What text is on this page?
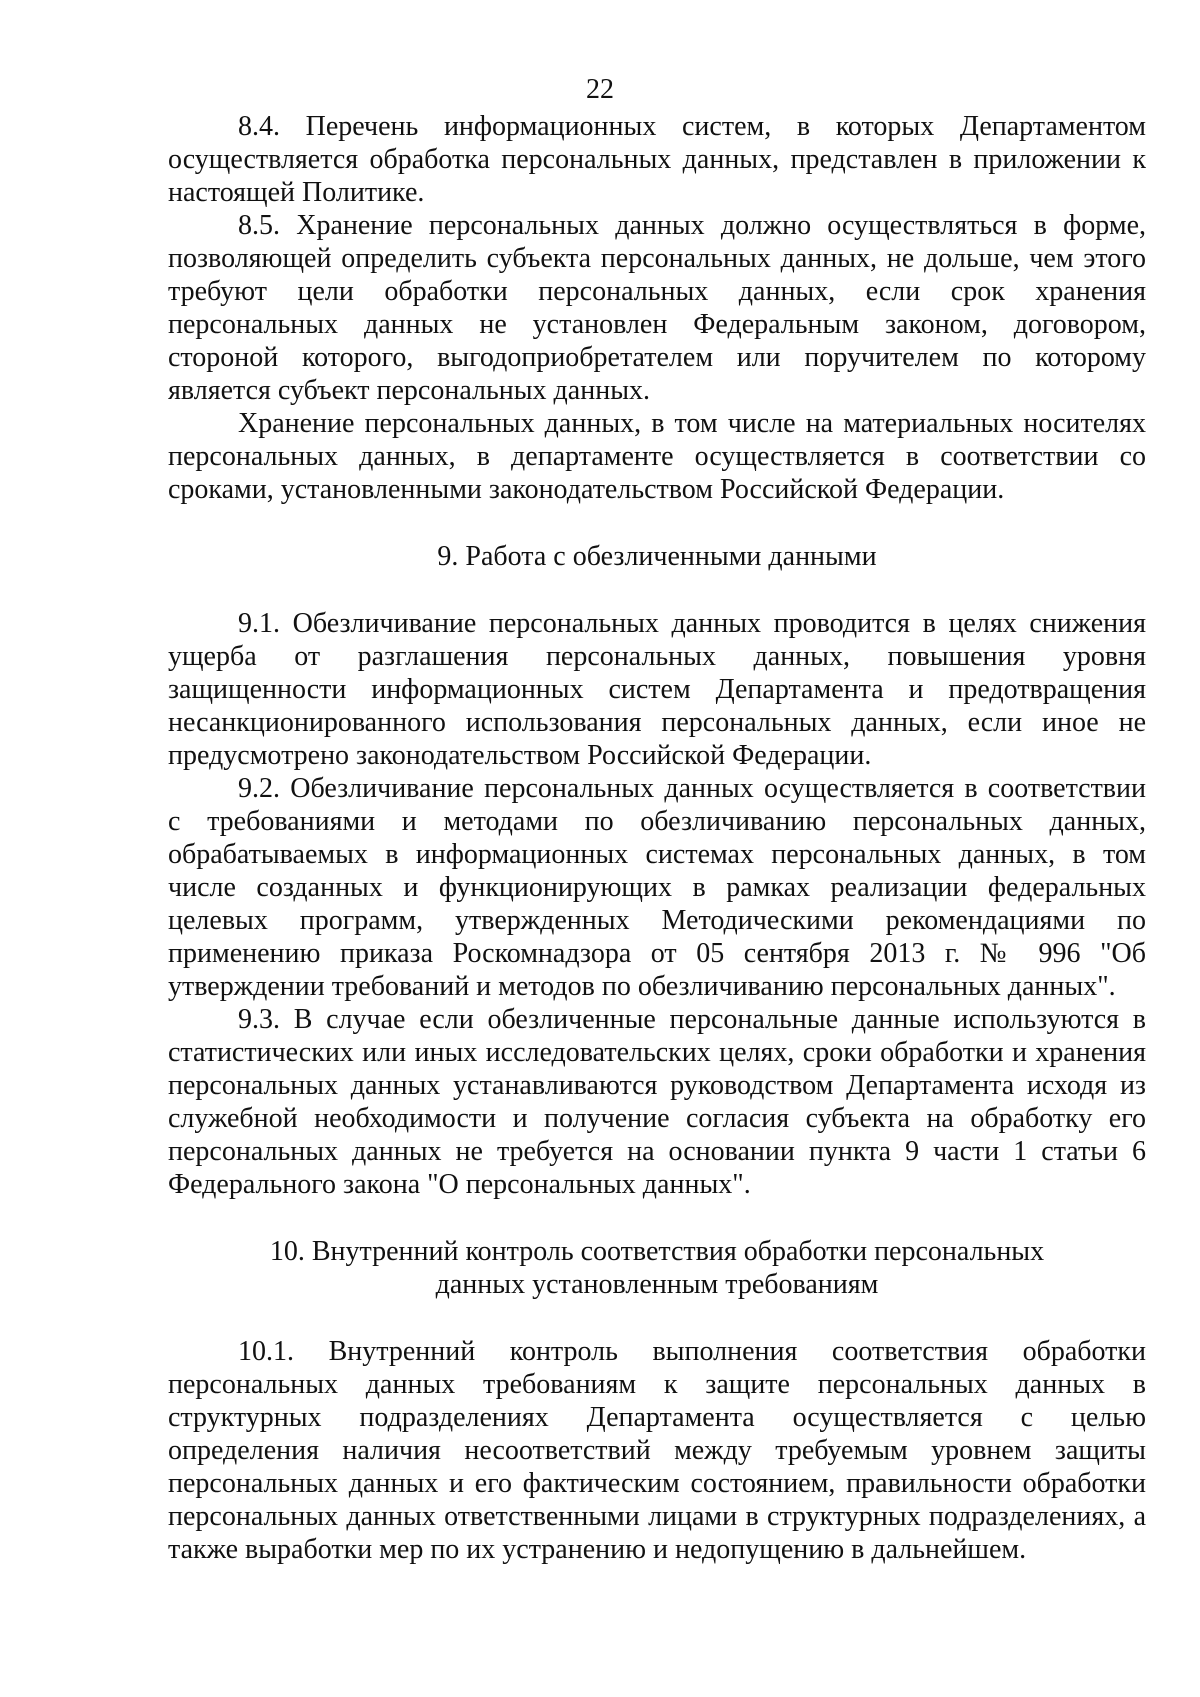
22

8.4. Перечень информационных систем, в которых Департаментом осуществляется обработка персональных данных, представлен в приложении к настоящей Политике.

8.5. Хранение персональных данных должно осуществляться в форме, позволяющей определить субъекта персональных данных, не дольше, чем этого требуют цели обработки персональных данных, если срок хранения персональных данных не установлен Федеральным законом, договором, стороной которого, выгодоприобретателем или поручителем по которому является субъект персональных данных.

Хранение персональных данных, в том числе на материальных носителях персональных данных, в департаменте осуществляется в соответствии со сроками, установленными законодательством Российской Федерации.

9. Работа с обезличенными данными

9.1. Обезличивание персональных данных проводится в целях снижения ущерба от разглашения персональных данных, повышения уровня защищенности информационных систем Департамента и предотвращения несанкционированного использования персональных данных, если иное не предусмотрено законодательством Российской Федерации.

9.2. Обезличивание персональных данных осуществляется в соответствии с требованиями и методами по обезличиванию персональных данных, обрабатываемых в информационных системах персональных данных, в том числе созданных и функционирующих в рамках реализации федеральных целевых программ, утвержденных Методическими рекомендациями по применению приказа Роскомнадзора от 05 сентября 2013 г. № 996 "Об утверждении требований и методов по обезличиванию персональных данных".

9.3. В случае если обезличенные персональные данные используются в статистических или иных исследовательских целях, сроки обработки и хранения персональных данных устанавливаются руководством Департамента исходя из служебной необходимости и получение согласия субъекта на обработку его персональных данных не требуется на основании пункта 9 части 1 статьи 6 Федерального закона "О персональных данных".

10. Внутренний контроль соответствия обработки персональных
данных установленным требованиям

10.1. Внутренний контроль выполнения соответствия обработки персональных данных требованиям к защите персональных данных в структурных подразделениях Департамента осуществляется с целью определения наличия несоответствий между требуемым уровнем защиты персональных данных и его фактическим состоянием, правильности обработки персональных данных ответственными лицами в структурных подразделениях, а также выработки мер по их устранению и недопущению в дальнейшем.
